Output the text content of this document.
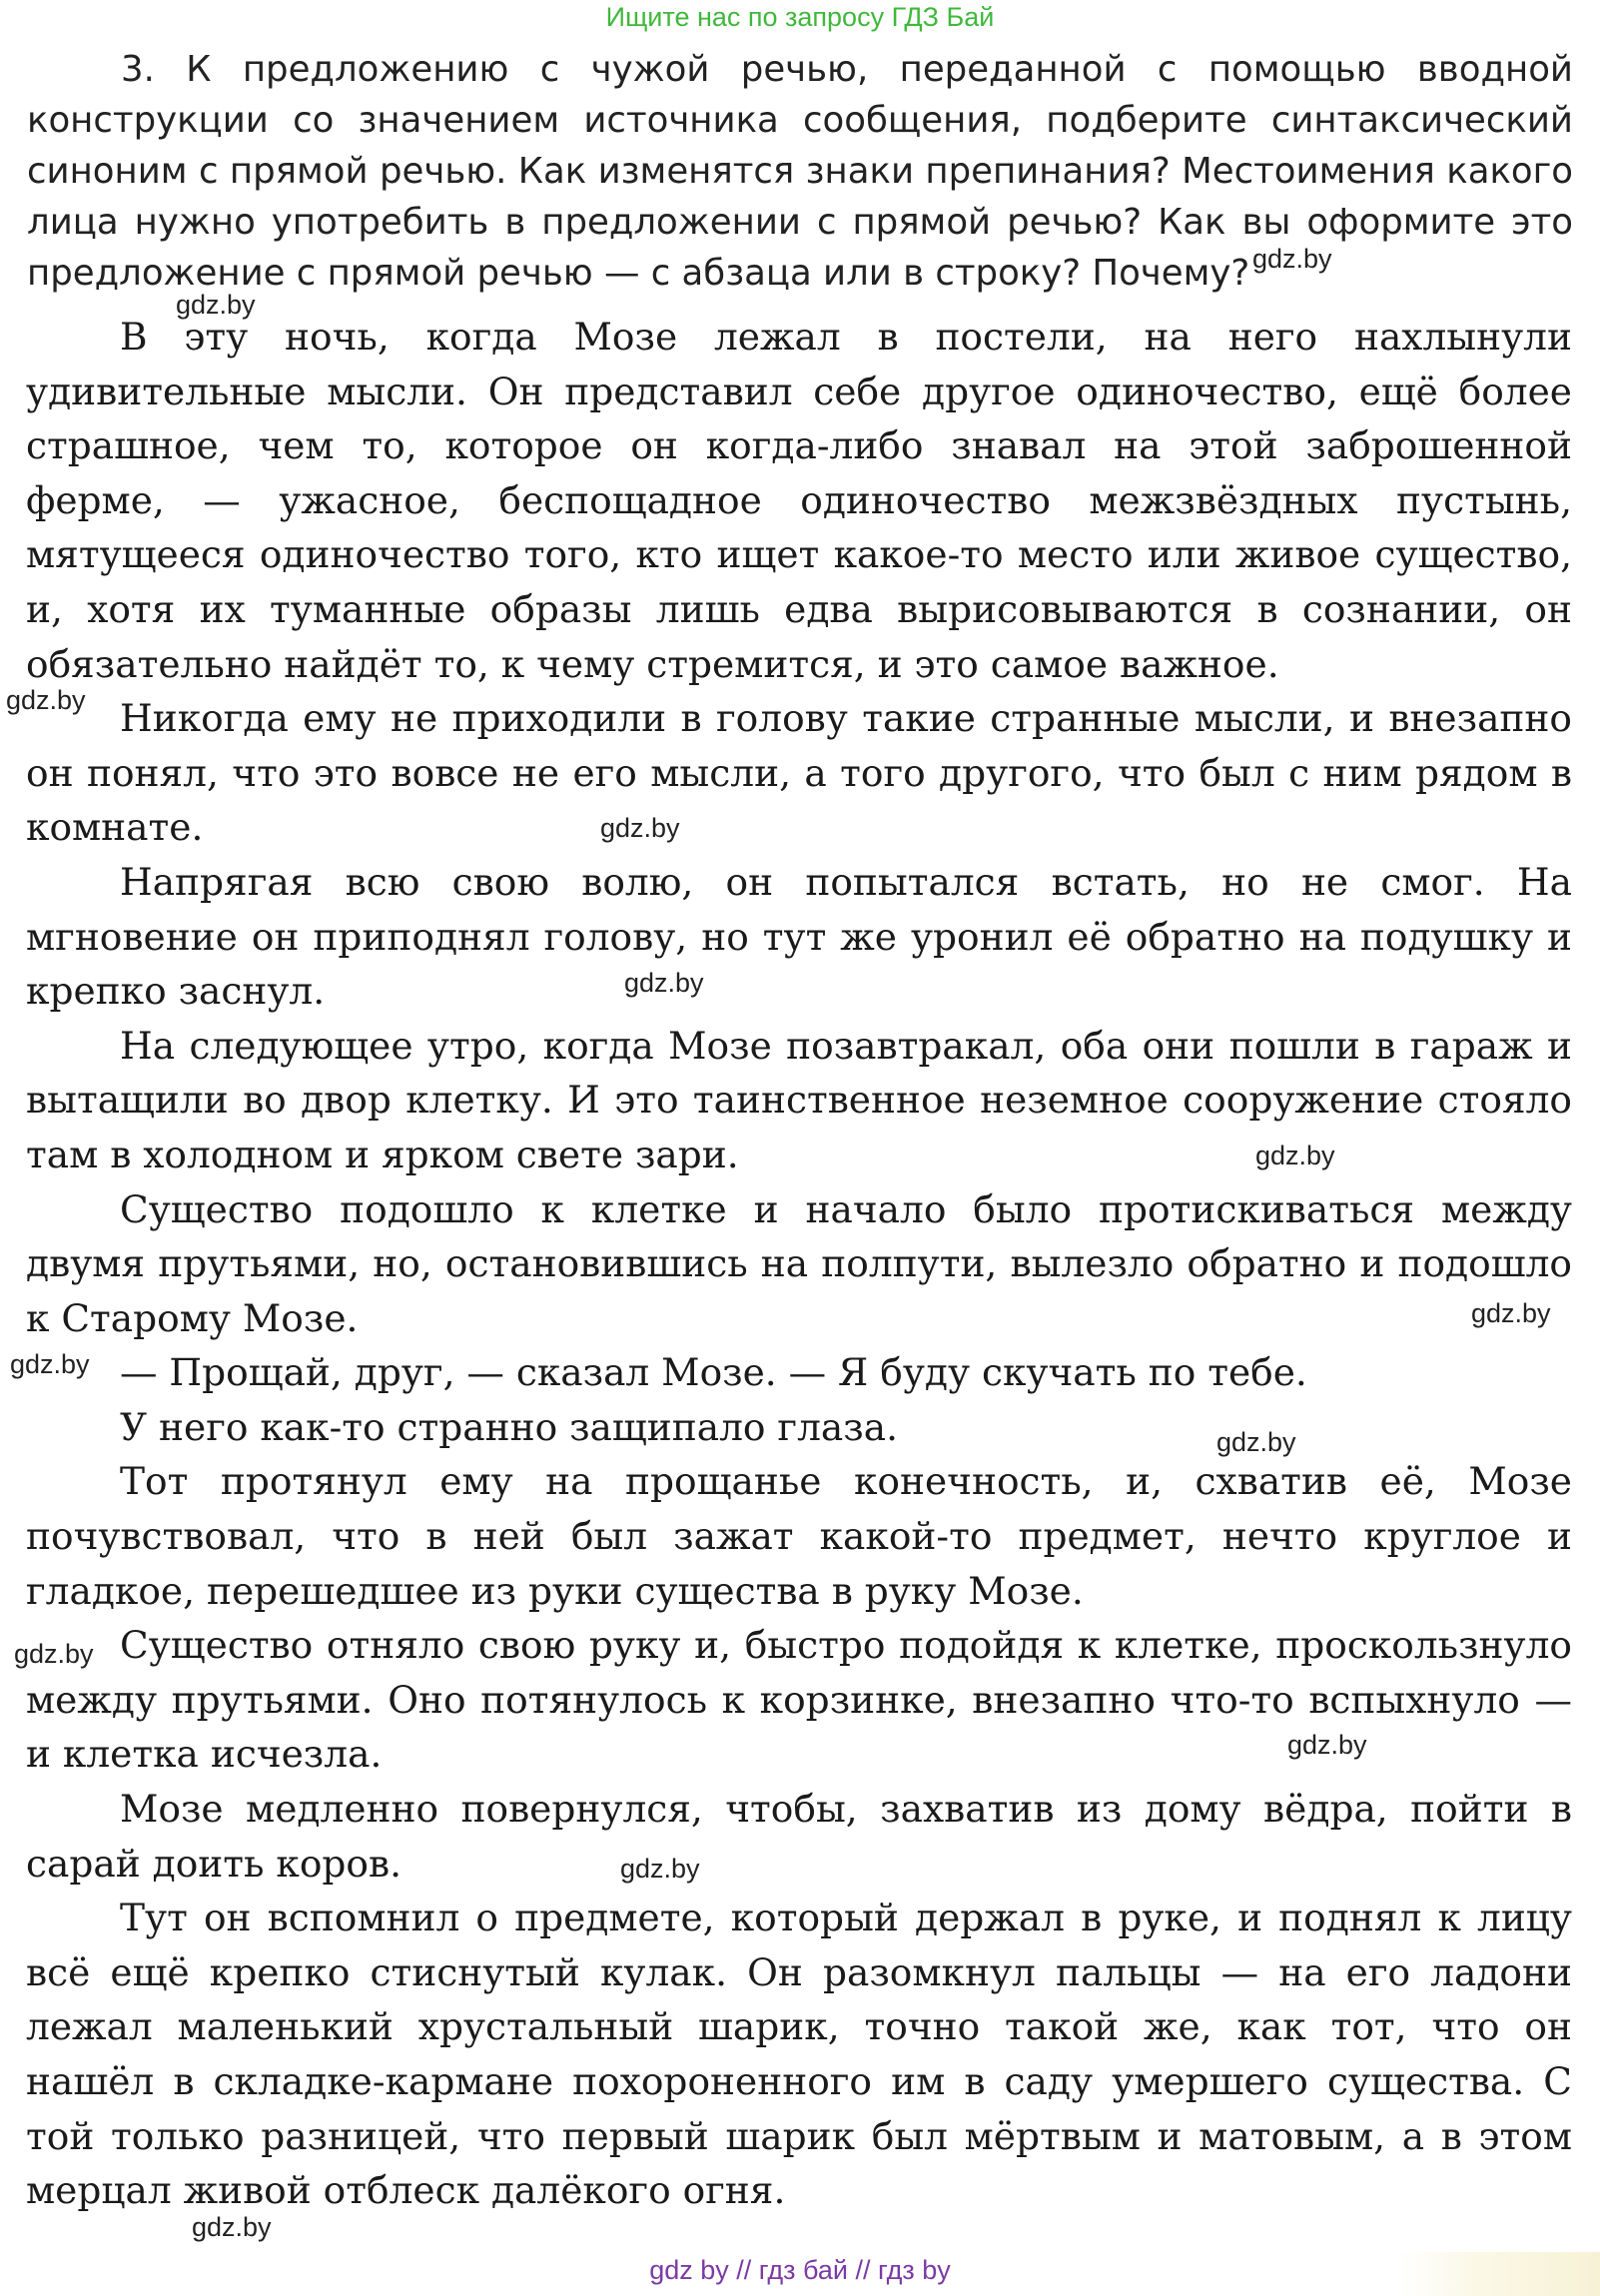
Ищите нас по запросу ГДЗ Бай

3. К предложению с чужой речью, переданной с помощью вводной конструкции со значением источника сообщения, подберите синтаксический синоним с прямой речью. Как изменятся знаки препинания? Местоимения какого лица нужно употребить в предложении с прямой речью? Как вы оформите это предложение с прямой речью — с абзаца или в строку? Почему?

В эту ночь, когда Мозе лежал в постели, на него нахлынули удивительные мысли. Он представил себе другое одиночество, ещё более страшное, чем то, которое он когда-либо знавал на этой заброшенной ферме, — ужасное, беспощадное одиночество межзвёздных пустынь, мятущееся одиночество того, кто ищет какое-то место или живое существо, и, хотя их туманные образы лишь едва вырисовываются в сознании, он обязательно найдёт то, к чему стремится, и это самое важное.

Никогда ему не приходили в голову такие странные мысли, и внезапно он понял, что это вовсе не его мысли, а того другого, что был с ним рядом в комнате.

Напрягая всю свою волю, он попытался встать, но не смог. На мгновение он приподнял голову, но тут же уронил её обратно на подушку и крепко заснул.

На следующее утро, когда Мозе позавтракал, оба они пошли в гараж и вытащили во двор клетку. И это таинственное неземное сооружение стояло там в холодном и ярком свете зари.

Существо подошло к клетке и начало было протискиваться между двумя прутьями, но, остановившись на полпути, вылезло обратно и подошло к Старому Мозе.

— Прощай, друг, — сказал Мозе. — Я буду скучать по тебе.

У него как-то странно защипало глаза.

Тот протянул ему на прощанье конечность, и, схватив её, Мозе почувствовал, что в ней был зажат какой-то предмет, нечто круглое и гладкое, перешедшее из руки существа в руку Мозе.

Существо отняло свою руку и, быстро подойдя к клетке, проскользнуло между прутьями. Оно потянулось к корзинке, внезапно что-то вспыхнуло — и клетка исчезла.

Мозе медленно повернулся, чтобы, захватив из дому вёдра, пойти в сарай доить коров.

Тут он вспомнил о предмете, который держал в руке, и поднял к лицу всё ещё крепко стиснутый кулак. Он разомкнул пальцы — на его ладони лежал маленький хрустальный шарик, точно такой же, как тот, что он нашёл в складке-кармане похороненного им в саду умершего существа. С той только разницей, что первый шарик был мёртвым и матовым, а в этом мерцал живой отблеск далёкого огня.

gdz.by
gdz.by
gdz.by
gdz.by
gdz.by
gdz.by
gdz.by
gdz.by
gdz.by
gdz.by
gdz.by
gdz.by
gdz.by
gdz by // гдз бай // гдз by
